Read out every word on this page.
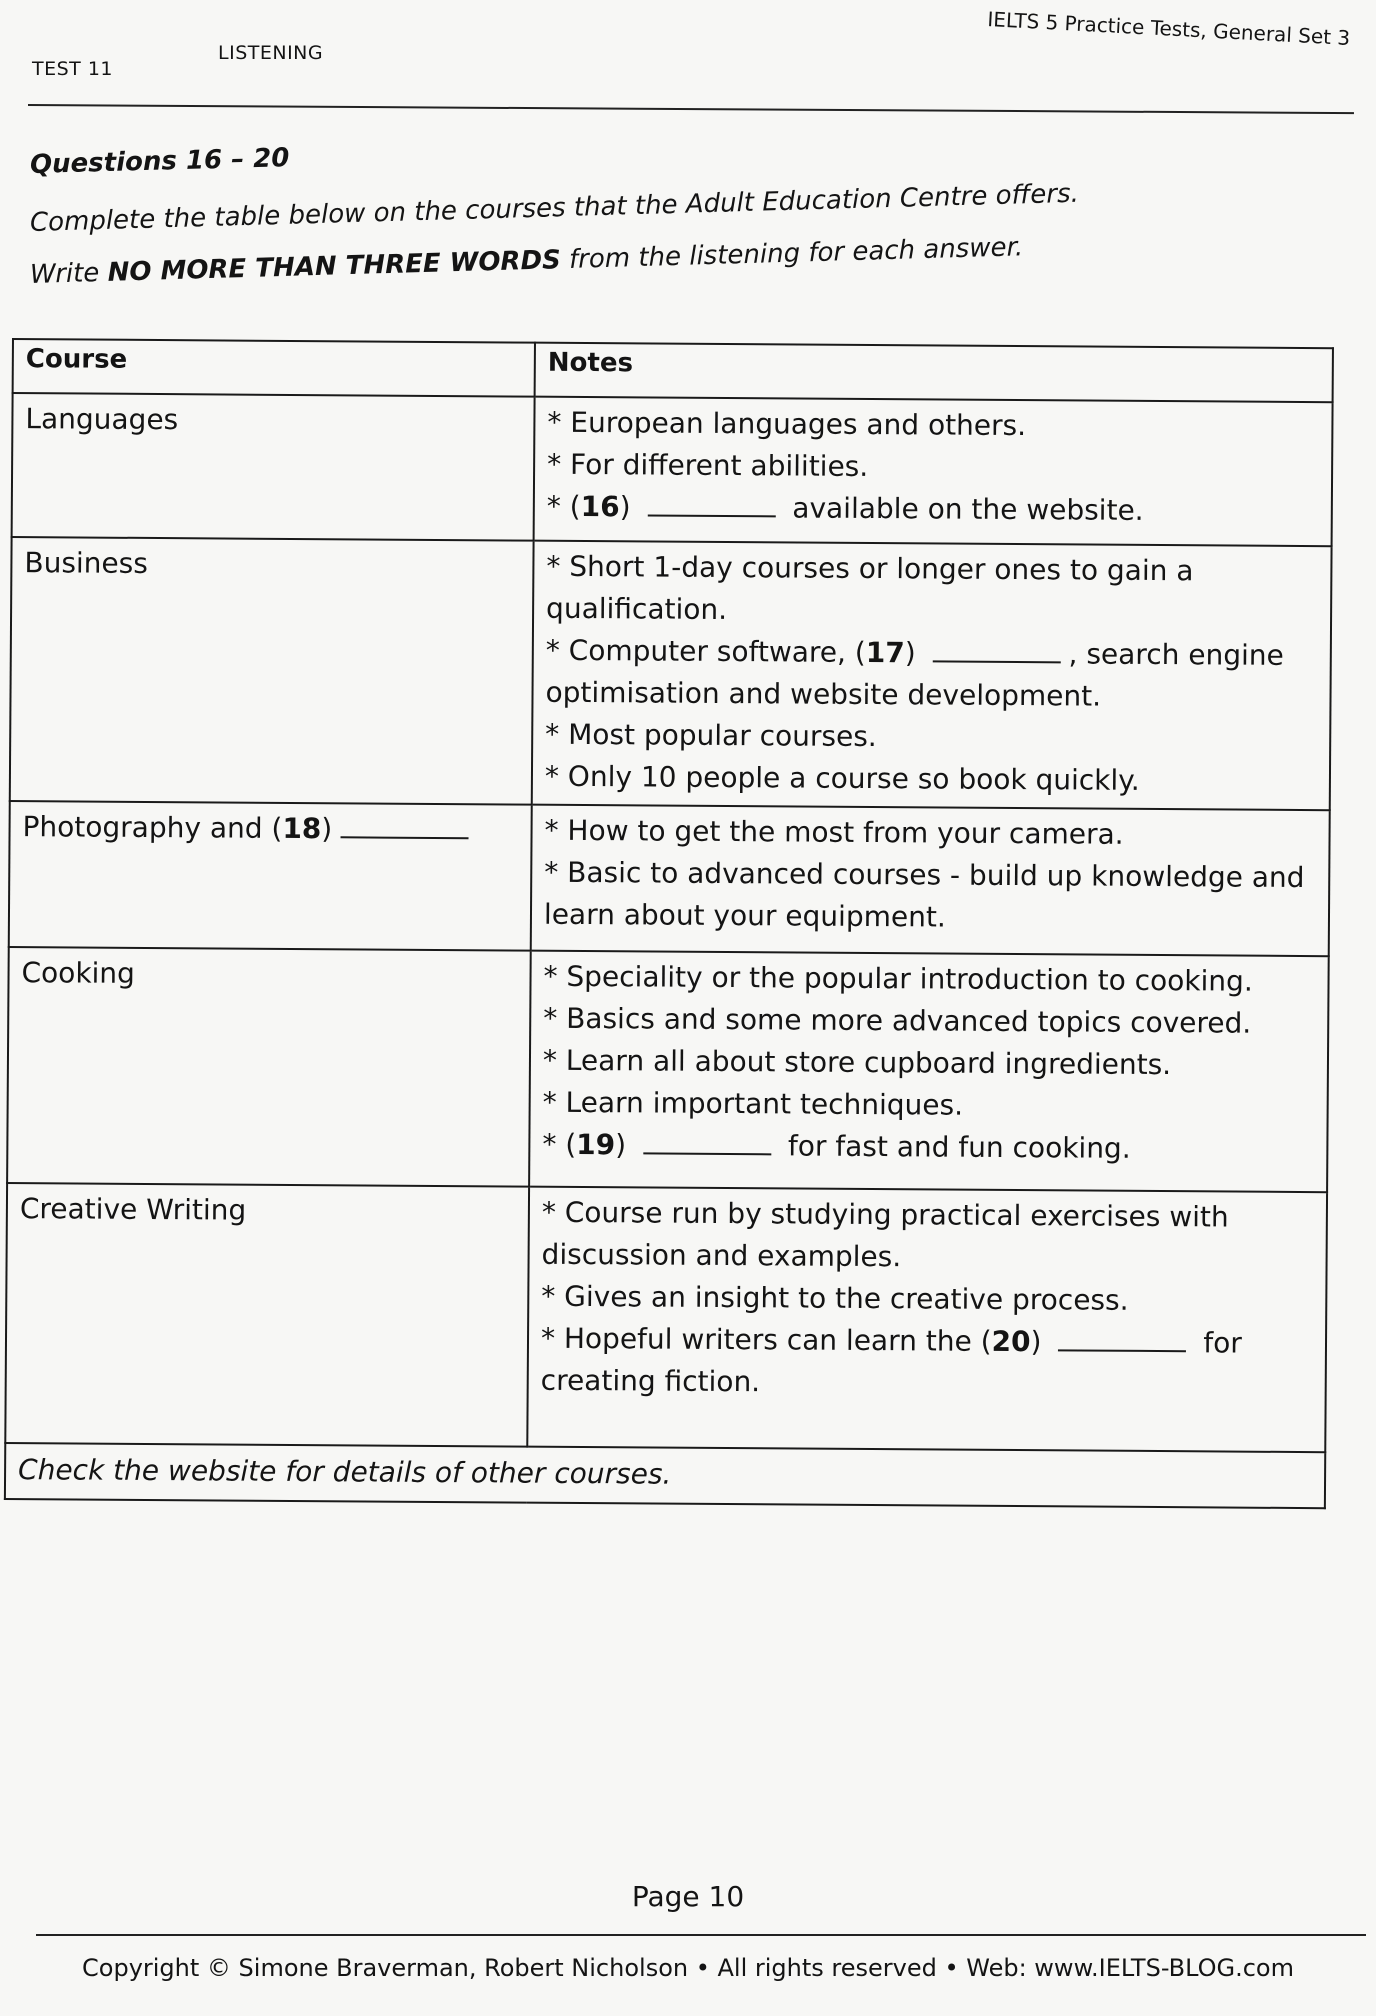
TEST 11
LISTENING
IELTS 5 Practice Tests, General Set 3
Questions 16 – 20
Complete the table below on the courses that the Adult Education Centre offers.
Write NO MORE THAN THREE WORDS from the listening for each answer.
Course	Notes
Languages	* European languages and others.
* For different abilities.
* (16) available on the website.

Business	* Short 1-day courses or longer ones to gain a qualification.
* Computer software, (17) , search engine optimisation and website development.
* Most popular courses.
* Only 10 people a course so book quickly.

Photography and (18)	* How to get the most from your camera.
* Basic to advanced courses - build up knowledge and learn about your equipment.

Cooking	* Speciality or the popular introduction to cooking.
* Basics and some more advanced topics covered.
* Learn all about store cupboard ingredients.
* Learn important techniques.
* (19) for fast and fun cooking.

Creative Writing	* Course run by studying practical exercises with discussion and examples.
* Gives an insight to the creative process.
* Hopeful writers can learn the (20) for creating fiction.

Check the website for details of other courses.	
Page 10
Copyright © Simone Braverman, Robert Nicholson • All rights reserved • Web: www.IELTS-BLOG.com
